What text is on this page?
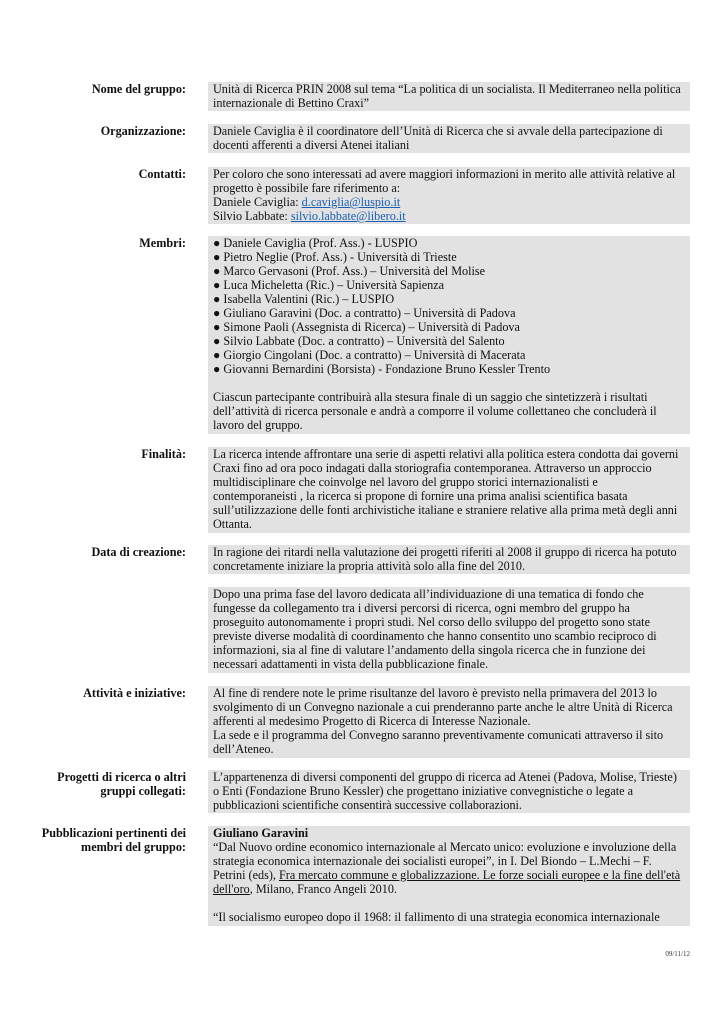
Nome del gruppo: Unità di Ricerca PRIN 2008 sul tema “La politica di un socialista. Il Mediterraneo nella politica

internazionale di Bettino Craxi”

Organizzazione: Daniele Caviglia è il coordinatore dell’Unità di Ricerca che si avvale della partecipazione di

docenti afferenti a diversi Atenei italiani

Contatti: Per coloro che sono interessati ad avere maggiori informazioni in merito alle attività relative al

progetto è possibile fare riferimento a:

Daniele Caviglia: d.caviglia@luspio.it

Silvio Labbate: silvio.labbate@libero.it

Membri: ● Daniele Caviglia (Prof. Ass.) - LUSPIO

● Pietro Neglie (Prof. Ass.) - Università di Trieste

● Marco Gervasoni (Prof. Ass.) – Università del Molise

● Luca Micheletta (Ric.) – Università Sapienza

● Isabella Valentini (Ric.) – LUSPIO

● Giuliano Garavini (Doc. a contratto) – Università di Padova

● Simone Paoli (Assegnista di Ricerca) – Università di Padova

● Silvio Labbate (Doc. a contratto) – Università del Salento

● Giorgio Cingolani (Doc. a contratto) – Università di Macerata

● Giovanni Bernardini (Borsista) - Fondazione Bruno Kessler Trento

Ciascun partecipante contribuirà alla stesura finale di un saggio che sintetizzerà i risultati

dell’attività di ricerca personale e andrà a comporre il volume collettaneo che concluderà il

lavoro del gruppo.

Finalità: La ricerca intende affrontare una serie di aspetti relativi alla politica estera condotta dai governi

Craxi fino ad ora poco indagati dalla storiografia contemporanea. Attraverso un approccio

multidisciplinare che coinvolge nel lavoro del gruppo storici internazionalisti e

contemporaneisti , la ricerca si propone di fornire una prima analisi scientifica basata

sull’utilizzazione delle fonti archivistiche italiane e straniere relative alla prima metà degli anni

Ottanta.

Data di creazione: In ragione dei ritardi nella valutazione dei progetti riferiti al 2008 il gruppo di ricerca ha potuto

concretamente iniziare la propria attività solo alla fine del 2010.

Dopo una prima fase del lavoro dedicata all’individuazione di una tematica di fondo che

fungesse da collegamento tra i diversi percorsi di ricerca, ogni membro del gruppo ha

proseguito autonomamente i propri studi. Nel corso dello sviluppo del progetto sono state

previste diverse modalità di coordinamento che hanno consentito uno scambio reciproco di

informazioni, sia al fine di valutare l’andamento della singola ricerca che in funzione dei

necessari adattamenti in vista della pubblicazione finale.

Attività e iniziative: Al fine di rendere note le prime risultanze del lavoro è previsto nella primavera del 2013 lo

svolgimento di un Convegno nazionale a cui prenderanno parte anche le altre Unità di Ricerca

afferenti al medesimo Progetto di Ricerca di Interesse Nazionale.

La sede e il programma del Convegno saranno preventivamente comunicati attraverso il sito

dell’Ateneo.

Progetti di ricerca o altri
gruppi collegati:

L’appartenenza di diversi componenti del gruppo di ricerca ad Atenei (Padova, Molise, Trieste)

o Enti (Fondazione Bruno Kessler) che progettano iniziative convegnistiche o legate a

pubblicazioni scientifiche consentirà successive collaborazioni.

Pubblicazioni pertinenti dei
membri del gruppo:

Giuliano Garavini

“Dal Nuovo ordine economico internazionale al Mercato unico: evoluzione e involuzione della

strategia economica internazionale dei socialisti europei”, in I. Del Biondo – L.Mechi – F.

Petrini (eds), Fra mercato commune e globalizzazione. Le forze sociali europee e la fine dell'età

dell'oro, Milano, Franco Angeli 2010.

“Il socialismo europeo dopo il 1968: il fallimento di una strategia economica internazionale

09/11/12
